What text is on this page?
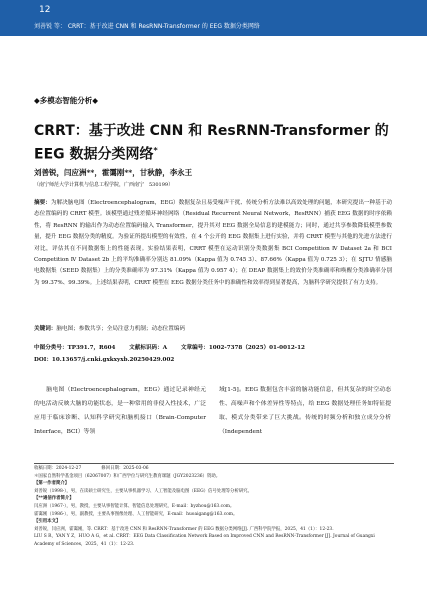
12
刘善锐 等： CRRT：基于改进 CNN 和 ResRNN-Transformer 的 EEG 数据分类网络
◆多模态智能分析◆
CRRT：基于改进 CNN 和 ResRNN-Transformer 的 EEG 数据分类网络*
刘善锐，闫应洲**，霍霭刚**，甘秋静，李永王
（南宁师范大学计算机与信息工程学院，广西南宁　530199）
摘要：为解决脑电图（Electroencephalogram，EEG）数据复杂且易受噪声干扰、传统分析方法难以高效处理的问题，本研究提出一种基于动态位置编码的 CRRT 模型。该模型通过残差循环神经网络（Residual Recurrent Neural Network，ResRNN）捕获 EEG 数据的时序依赖性，将 ResRNN 的输出作为动态位置编码输入 Transformer，提升其对 EEG 数据全局信息的建模能力；同时，通过共享参数降低模型参数量，提升 EEG 数据分类的精度。为验证所提出模型的有效性，在 4 个公开的 EEG 数据集上进行实验，并将 CRRT 模型与其他的先进方法进行对比，评估其在不同数据集上的性能表现。实验结果表明，CRRT 模型在运动识别分类数据集 BCI Competition Ⅳ Dataset 2a 和 BCI Competition Ⅳ Dataset 2b 上的平均准确率分别达 81.09%（Kappa 值为 0.745 3）、87.66%（Kappa 值为 0.725 3）；在 SJTU 情感脑电数据集（SEED 数据集）上的分类准确率为 97.31%（Kappa 值为 0.957 4）；在 DEAP 数据集上的效价分类准确率和唤醒分类准确率分别为 99.37%、99.39%。上述结果表明，CRRT 模型在 EEG 数据分类任务中的准确性和效率得到显著提高，为脑科学研究提供了有力支持。
关键词：脑电图；参数共享；全局注意力机制；动态位置编码
中图分类号：TP391.7，R604 文献标识码：A 文章编号：1002-7378（2025）01-0012-12
DOI：10.13657/j.cnki.gxkxyxb.20250429.002
　　脑电图（Electroencephalogram，EEG）通过记录神经元的电活动反映大脑的功能状态，是一种常用的非侵入性技术，广泛应用于临床诊断、认知科学研究和脑机接口（Brain-Computer Interface，BCI）等领
域[1-5]。EEG 数据包含丰富的脑功能信息，但其复杂的时空动态性、高噪声和个体差异性等特点，给 EEG 数据处理任务如特征提取、模式分类带来了巨大挑战。传统的时频分析和独立成分分析（Independent
收稿日期：2024-12-27	修回日期：2025-03-06
＊国家自然科学基金项目（62067007）和广西学位与研究生教育课题（JGY2023236）资助。
【第一作者简介】
刘善锐（1998-），男，在读硕士研究生，主要从事机器学习、人工智能及脑电图（EEG）信号处理等分析研究。
【**通信作者简介】
闫应洲（1967-），男，教授，主要从事智能计算、智能信息处理研究，E-mail：byzhou@163.com。
霍霭刚（1986-），男，副教授，主要从事图像处理、人工智能研究，E-mail：huoaigang@163.com。
【引用本文】
刘善锐，闫应洲，霍霭刚，等. CRRT：基于改进 CNN 和 ResRNN-Transformer 的 EEG 数据分类网络[J]. 广西科学院学报，2025，41（1）：12-23.
LIU S R，YAN Y Z，HUO A G，et al. CRRT：EEG Data Classification Network Based on Improved CNN and ResRNN-Transformer [J]. Journal of Guangxi Academy of Sciences，2025，41（1）：12-23.
